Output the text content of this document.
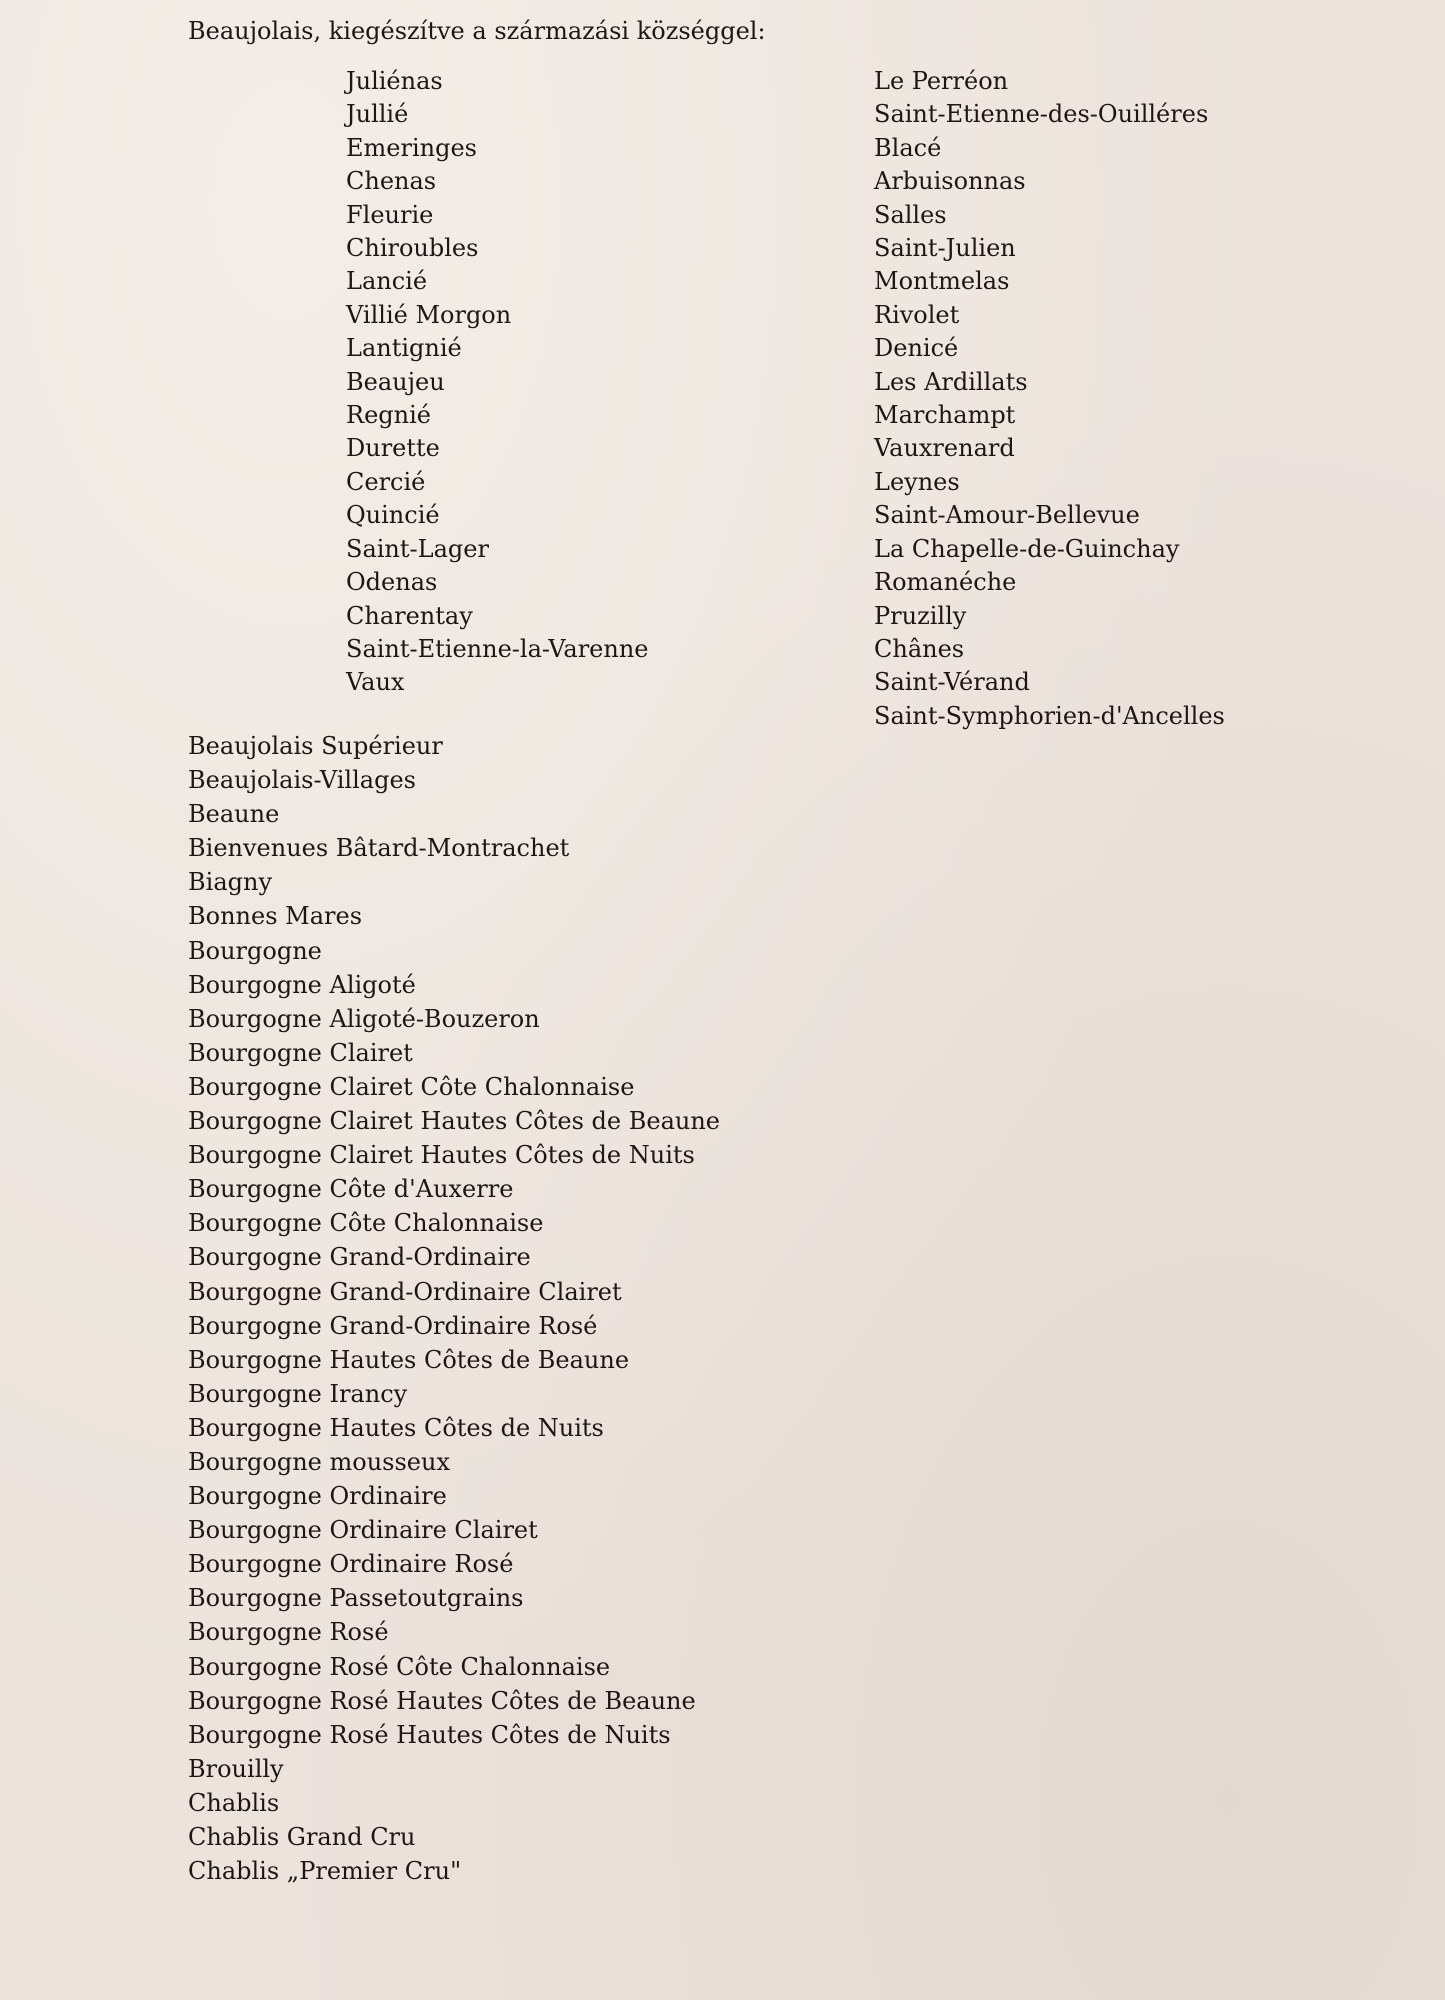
Beaujolais, kiegészítve a származási községgel:
Juliénas
Jullié
Emeringes
Chenas
Fleurie
Chiroubles
Lancié
Villié Morgon
Lantignié
Beaujeu
Regnié
Durette
Cercié
Quincié
Saint-Lager
Odenas
Charentay
Saint-Etienne-la-Varenne
Vaux
Le Perréon
Saint-Etienne-des-Ouilléres
Blacé
Arbuisonnas
Salles
Saint-Julien
Montmelas
Rivolet
Denicé
Les Ardillats
Marchampt
Vauxrenard
Leynes
Saint-Amour-Bellevue
La Chapelle-de-Guinchay
Romanéche
Pruzilly
Chânes
Saint-Vérand
Saint-Symphorien-d'Ancelles
Beaujolais Supérieur
Beaujolais-Villages
Beaune
Bienvenues Bâtard-Montrachet
Biagny
Bonnes Mares
Bourgogne
Bourgogne Aligoté
Bourgogne Aligoté-Bouzeron
Bourgogne Clairet
Bourgogne Clairet Côte Chalonnaise
Bourgogne Clairet Hautes Côtes de Beaune
Bourgogne Clairet Hautes Côtes de Nuits
Bourgogne Côte d'Auxerre
Bourgogne Côte Chalonnaise
Bourgogne Grand-Ordinaire
Bourgogne Grand-Ordinaire Clairet
Bourgogne Grand-Ordinaire Rosé
Bourgogne Hautes Côtes de Beaune
Bourgogne Irancy
Bourgogne Hautes Côtes de Nuits
Bourgogne mousseux
Bourgogne Ordinaire
Bourgogne Ordinaire Clairet
Bourgogne Ordinaire Rosé
Bourgogne Passetoutgrains
Bourgogne Rosé
Bourgogne Rosé Côte Chalonnaise
Bourgogne Rosé Hautes Côtes de Beaune
Bourgogne Rosé Hautes Côtes de Nuits
Brouilly
Chablis
Chablis Grand Cru
Chablis „Premier Cru"
